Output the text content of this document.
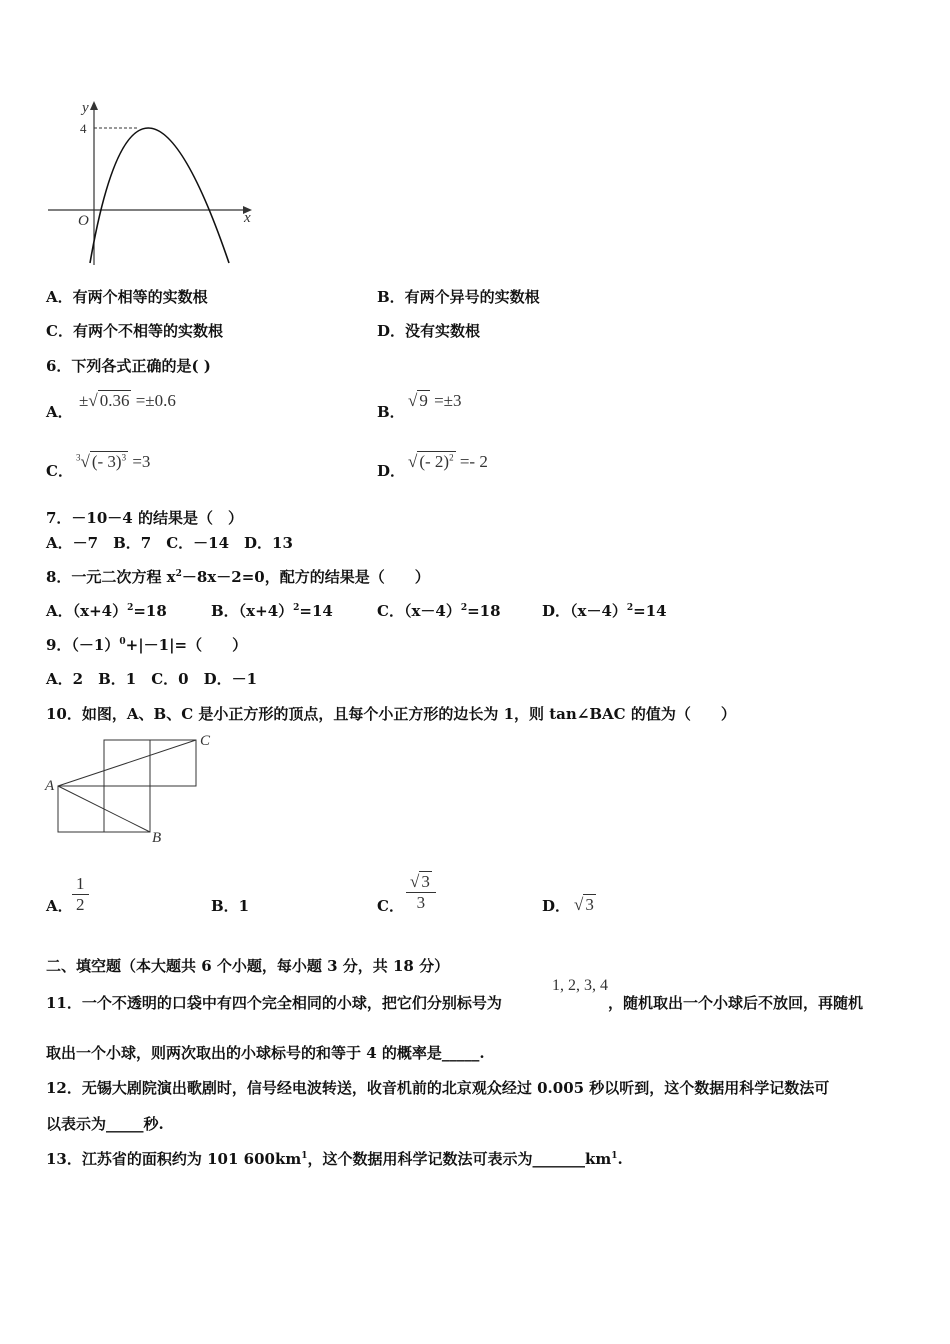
y
4
O	x
A．有两个相等的实数根	B．有两个异号的实数根
C．有两个不相等的实数根	D．没有实数根
6．下列各式正确的是( )
A．
±√ 0.36 =±0.6
B．
√ 9 =±3
C．
$^3$√ (- 3)$^3$ =3	D． √ (- 2)$^2$ =- 2
7．－10－4 的结果是（　）
A．－7　B．7　C．－14　D．13
8．一元二次方程 $x^2-8x-2=0$，配方的结果是（　　）
A．$(x+4)^2=18$	B．$(x+4)^2=14$	C．$(x-4)^2=18$	D．$(x-4)^2=14$
9．$(-1)^0+|-1|=$（　　）
A．2　B．1　C．0　D．－1
10．如图，A、B、C 是小正方形的顶点，且每个小正方形的边长为 1，则 tan∠BAC 的值为（　　）
A
C
B
A． $\frac{1}{2}$	B．1	C． $\frac{√ 3}{3}$	D． √ 3
二、填空题（本大题共 6 个小题，每小题 3 分，共 18 分）
11．一个不透明的口袋中有四个完全相同的小球，把它们分别标号为
1, 2, 3, 4
，随机取出一个小球后不放回，再随机
取出一个小球，则两次取出的小球标号的和等于 4 的概率是_____.
12．无锡大剧院演出歌剧时，信号经电波转送，收音机前的北京观众经过 0.005 秒以听到，这个数据用科学记数法可
以表示为_____秒.
13．江苏省的面积约为 101 $600km^1$，这个数据用科学记数法可表示为$\_\_\_\_\_\_\_km^1$.
